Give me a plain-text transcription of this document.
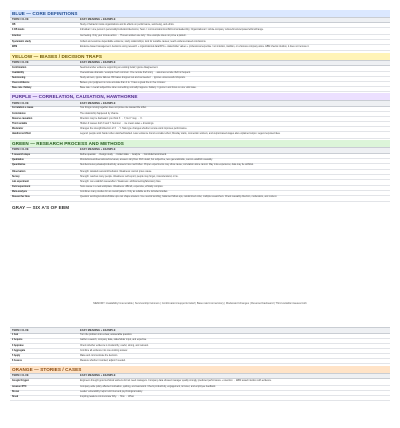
BLUE — CORE DEFINITIONS
TERM / CLUE	EASY MEANING + EXAMPLE
OB	Study of behavior inside organizations and its effects on performance, well-being, and ethics.
3 OB levels	Individual = one person's personality/motivation/decisions; Team = communication/conflict/norms/leadership; Organizational = whole-company culture/structure/power/ethics/change.
Intuition	Gut feeling. Only your minute action → 'Honest workers are lazy.' One example does not prove a pattern.
Systematic study	Collect and examine dependable evidence; study relationships; look for testable causes; reach evidence-based conclusions.
EBM	Evidence-based management: decisions using research + organizational data/KPIs + stakeholder values + professional expertise / not intuition, tradition, or a famous company alone. EBM checks intuition, it does not remove it.
YELLOW — BIASES / DECISION TRAPS
TERM / CLUE	EASY MEANING + EXAMPLE
Confirmation	Seek/remember evidence supporting an existing belief; ignore disagreement.
Availability	Overestimate dramatic / example fresh common. One remote theft story → assumes remote theft is frequent.
Summoning	Study winners; ignore failures. Bill Gates dropped out and succeeded → ignores unsuccessful dropouts.
Overconfidence	Believe your judgment is more accurate than it is. 'I have a great line in five minutes.'
Base rate / fallacy	Base rate = overall subject/line when something normally happens. Fallacy = ignore it and focus on one vivid case.
PURPLE — CORRELATION, CAUSATION, HAWTHORNE
TERM / CLUE	EASY MEANING + EXAMPLE
Correlation ≠ cause	Two things moving together does not prove one caused the other.
Coincidence	The relationship happened by chance.
Reverse causation	Direction may be backward: you think X → Y, but Y may → X.
Third variable	Hidden Z causes both X and Y. Summer → ice cream sales + drownings.
Moderator	Changes the strength/direction of X → Y. Task type changes whether remote work improves performance.
Hawthorne Effect	Legend: people work harder when watched/studied. Later evidence found a smaller effect; Monday starts, connection workers, and output-based wages also explained output. Legend exposed idea.
GREEN — RESEARCH PROCESS AND METHODS
TERM / CLUE	EASY MEANING + EXAMPLE
5 research steps	Define question → Design study → Collect data → Analyze → Conclude/recommend.
Qualitative	Words/stories/observations/interviews; answers why/how. Rich detail, but subjective, less generalizable, cannot establish causality.
Quantitative	Numbers/surveys/sales/productivity; answers how much/often. Proper experiments may show cause; correlation alone cannot. May miss experience; data may be artificial.
Observation	Strength: detailed real-world behavior. Weakness: cannot prove cause.
Survey	Strength: reaches many people. Weakness: self-report; people may forget, misunderstand, or lie.
Lab experiment	Strength: can establish cause/effect. Weakness: artificial setting/laboratory bias.
Field experiment	Tests cause in a real workplace. Weakness: difficult, expensive, ethically complex.
Meta-analysis	Combines many studies for an overall pattern. Only as reliable as the included studies.
Researcher bias	Question wording/emotions/follow-ups can shape answers. Use neutral wording, balanced follow-ups, randomized order, multiple researchers. Check causality direction, moderators, and context.
GRAY — SIX A'S OF EBM
MEMORY: Availability=memorable | Survivorship=winners | Confirmation=supports belief | Base rate=normal story | Moderator=changes | Reverse=backward | Third variable=causes both
TERM / CLUE	EASY MEANING + EXAMPLE
1 Ask	Turn the problem into a clear, answerable question.
2 Acquire	Gather research, company data, stakeholder input, and expertise.
3 Appraise	Check whether evidence is trustworthy, useful, strong, and relevant.
4 Aggregate	Combine all evidence into one working answer.
5 Apply	Make and communicate the decision.
6 Assess	Measure whether it worked; adjust if needed.
ORANGE — STORIES / CASES
TERM / CLUE	EASY MEANING + EXAMPLE
Google Oxygen	Engineers thought good technical workers did not need managers. Company data showed manager quality strongly predicted performance + retention → EBM tested intuition with evidence.
Amazon RTO	Company-wide policy affected motivation, quitting, and teamwork. Check productivity, engagement, turnover, and employee feedback.
Brown	Leader vulnerability helps build trust and psychological safety.
Sinek	Inspiring leaders communicate Why → How → What.
